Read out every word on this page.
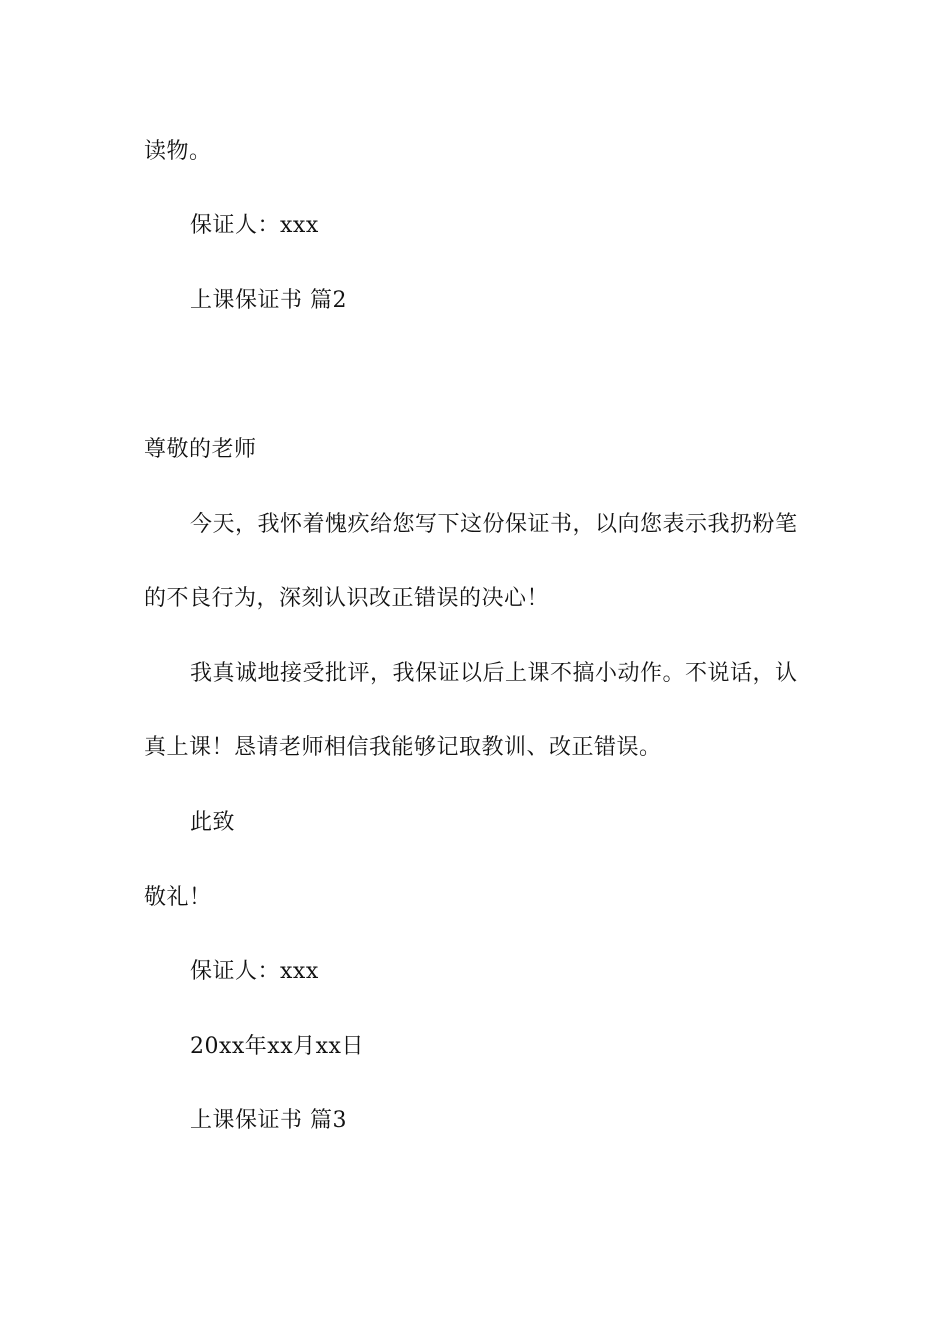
读物。
保证人：xxx
上课保证书 篇2
尊敬的老师
今天，我怀着愧疚给您写下这份保证书，以向您表示我扔粉笔
的不良行为，深刻认识改正错误的决心！
我真诚地接受批评，我保证以后上课不搞小动作。不说话，认
真上课！恳请老师相信我能够记取教训、改正错误。
此致
敬礼！
保证人：xxx
20xx年xx月xx日
上课保证书 篇3
